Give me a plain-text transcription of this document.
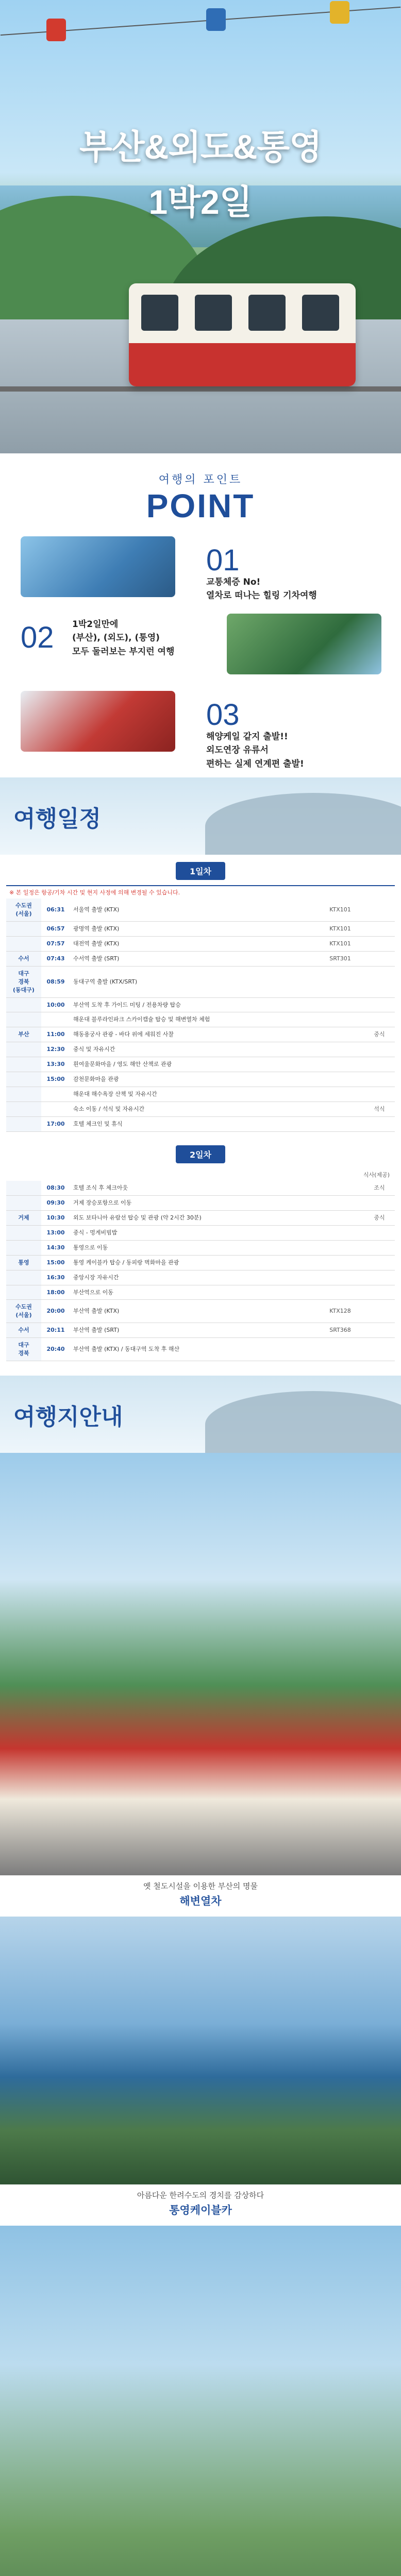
부산&외도&통영
1박2일
여행의 포인트
POINT
01
교통체증 No!
열차로 떠나는 힐링 기차여행
02 1박2일만에
(부산), (외도), (통영)
모두 둘러보는 부지런 여행
03
해양케일 같지 출발!!
외도연장 유류서
편하는 실제 연계편 출발!
여행일정
1일차
※ 본 일정은 항공/기차 시간 및 현지 사정에 의해 변경될 수 있습니다.
수도권
(서울)	06:31	서울역 출발 (KTX)	KTX101	
	06:57	광명역 출발 (KTX)	KTX101	
	07:57	대전역 출발 (KTX)	KTX101	
수서	07:43	수서역 출발 (SRT)	SRT301	
대구
경북
(동대구)	08:59	동대구역 출발 (KTX/SRT)		
	10:00	부산역 도착 후 가이드 미팅 / 전용차량 탑승		
		해운대 블루라인파크 스카이캡슐 탑승 및 해변열차 체험		
부산	11:00	해동용궁사 관광 - 바다 위에 세워진 사찰		중식
	12:30	중식 및 자유시간		
	13:30	흰여울문화마을 / 영도 해안 산책로 관광		
	15:00	감천문화마을 관광		
		해운대 해수욕장 산책 및 자유시간		
		숙소 이동 / 석식 및 자유시간		석식
	17:00	호텔 체크인 및 휴식		
2일차
식사(제공)
	08:30	호텔 조식 후 체크아웃		조식
	09:30	거제 장승포항으로 이동		
거제	10:30	외도 보타니아 유람선 탑승 및 관광 (약 2시간 30분)		중식
	13:00	중식 - 멍게비빔밥		
	14:30	통영으로 이동		
통영	15:00	통영 케이블카 탑승 / 동피랑 벽화마을 관광		
	16:30	중앙시장 자유시간		
	18:00	부산역으로 이동		
수도권
(서울)	20:00	부산역 출발 (KTX)	KTX128	
수서	20:11	부산역 출발 (SRT)	SRT368	
대구
경북	20:40	부산역 출발 (KTX) / 동대구역 도착 후 해산		
여행지안내
옛 철도시설을 이용한 부산의 명물
해변열차
아름다운 한려수도의 경치를 감상하다
통영케이블카
